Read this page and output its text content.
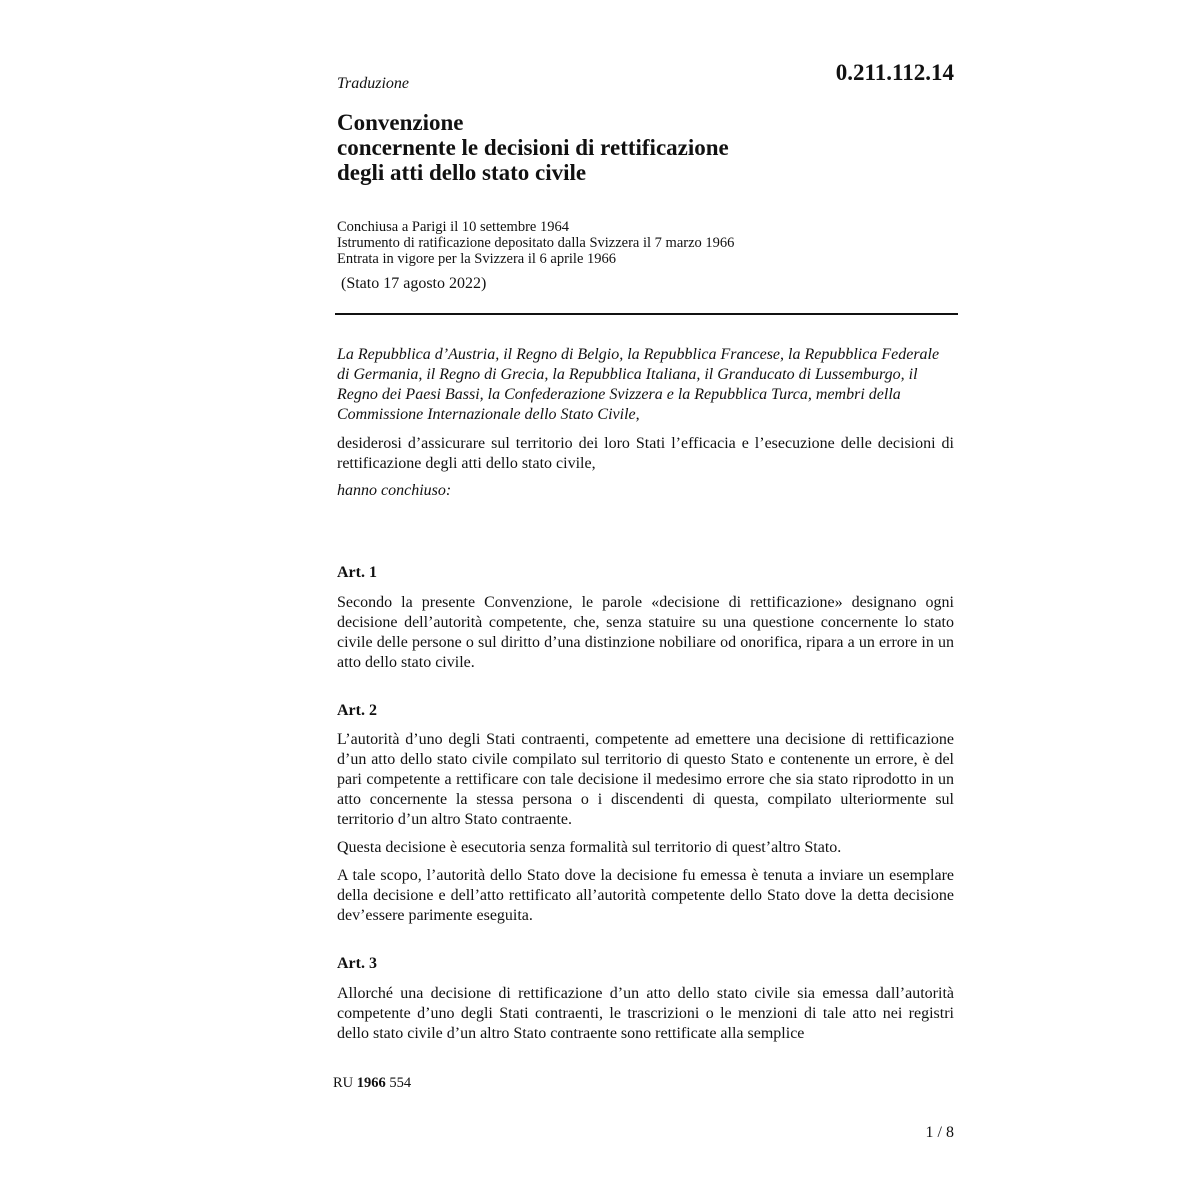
0.211.112.14

Traduzione

Convenzione
concernente le decisioni di rettificazione
degli atti dello stato civile
Conchiusa a Parigi il 10 settembre 1964
Istrumento di ratificazione depositato dalla Svizzera il 7 marzo 1966
Entrata in vigore per la Svizzera il 6 aprile 1966

(Stato 17 agosto 2022)

La Repubblica d’Austria, il Regno di Belgio, la Repubblica Francese, la Repubblica Federale di Germania, il Regno di Grecia, la Repubblica Italiana, il Granducato di Lussemburgo, il Regno dei Paesi Bassi, la Confederazione Svizzera e la Repubblica Turca, membri della Commissione Internazionale dello Stato Civile,

desiderosi d’assicurare sul territorio dei loro Stati l’efficacia e l’esecuzione delle decisioni di rettificazione degli atti dello stato civile,

hanno conchiuso:

Art. 1

Secondo la presente Convenzione, le parole «decisione di rettificazione» designano ogni decisione dell’autorità competente, che, senza statuire su una questione concernente lo stato civile delle persone o sul diritto d’una distinzione nobiliare od onorifica, ripara a un errore in un atto dello stato civile.

Art. 2

L’autorità d’uno degli Stati contraenti, competente ad emettere una decisione di rettificazione d’un atto dello stato civile compilato sul territorio di questo Stato e contenente un errore, è del pari competente a rettificare con tale decisione il medesimo errore che sia stato riprodotto in un atto concernente la stessa persona o i discendenti di questa, compilato ulteriormente sul territorio d’un altro Stato contraente.

Questa decisione è esecutoria senza formalità sul territorio di quest’altro Stato.

A tale scopo, l’autorità dello Stato dove la decisione fu emessa è tenuta a inviare un esemplare della decisione e dell’atto rettificato all’autorità competente dello Stato dove la detta decisione dev’essere parimente eseguita.

Art. 3

Allorché una decisione di rettificazione d’un atto dello stato civile sia emessa dall’autorità competente d’uno degli Stati contraenti, le trascrizioni o le menzioni di tale atto nei registri dello stato civile d’un altro Stato contraente sono rettificate alla semplice

RU 1966 554

1 / 8
